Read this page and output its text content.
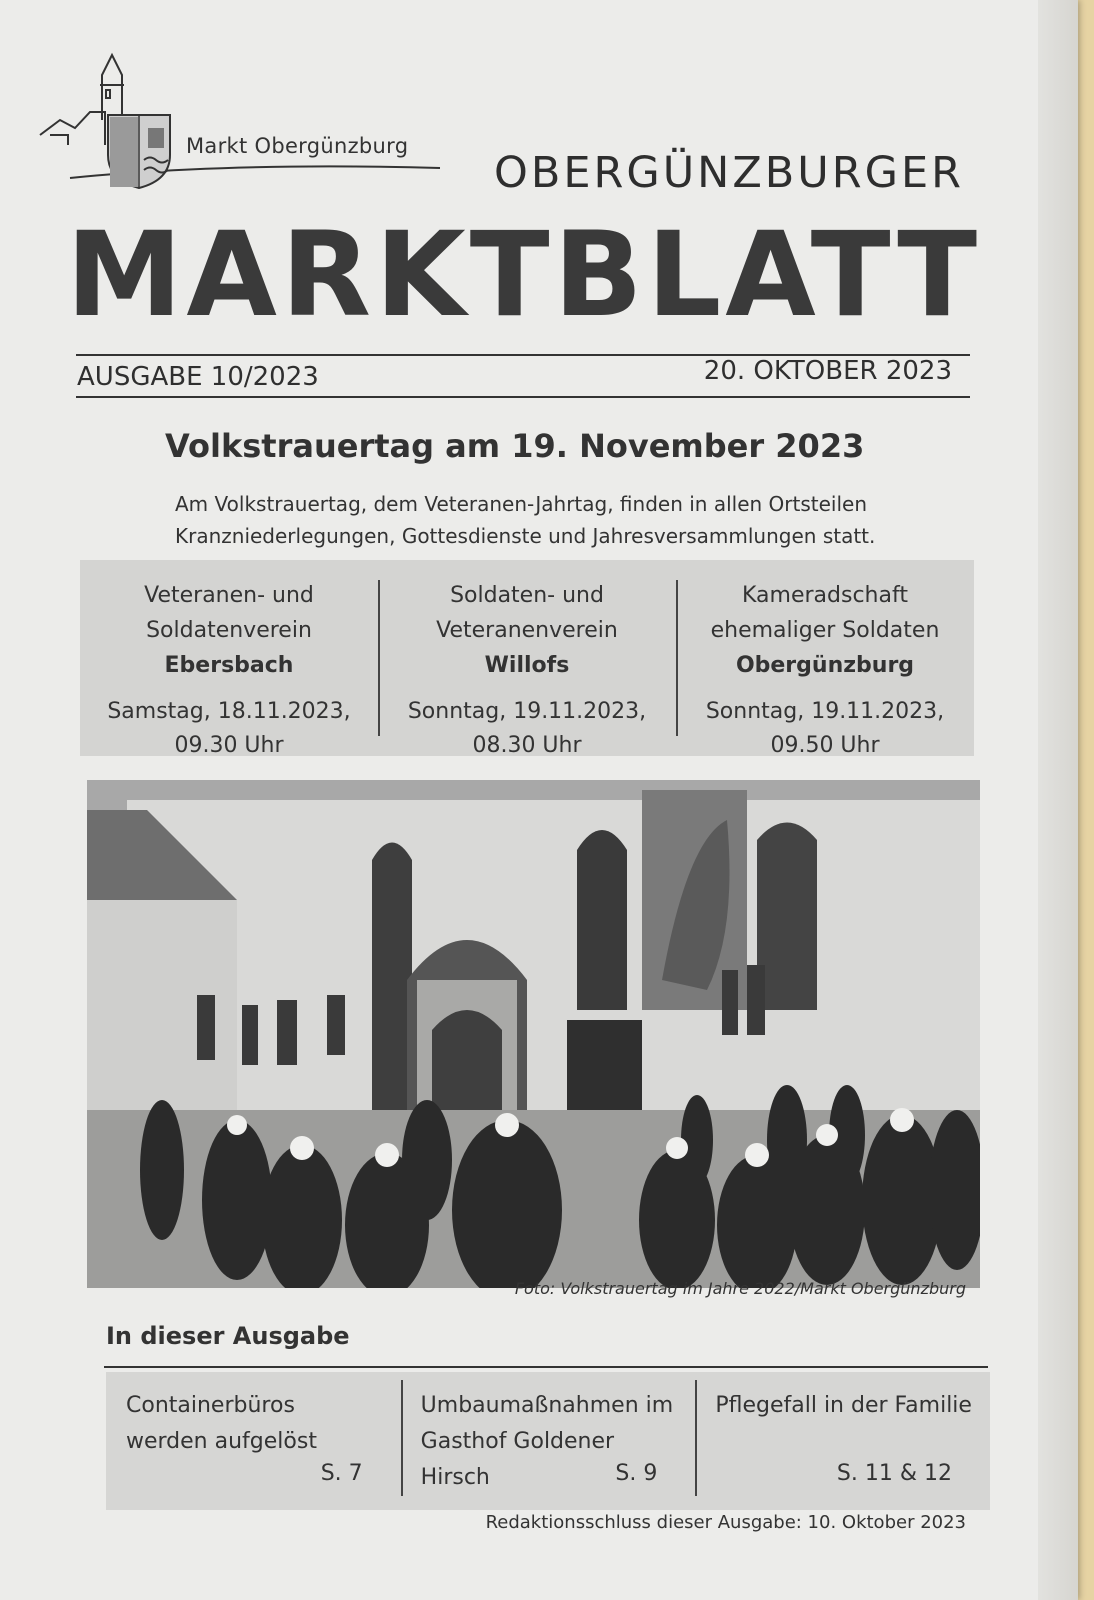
Markt Obergünzburg
OBERGÜNZBURGER
MARKTBLATT
AUSGABE 10/2023	20. OKTOBER 2023
Volkstrauertag am 19. November 2023

Am Volkstrauertag, dem Veteranen-Jahrtag, finden in allen Ortsteilen Kranzniederlegungen, Gottesdienste und Jahresversammlungen statt.

Veteranen- und
Soldatenverein
Ebersbach
Samstag, 18.11.2023,
09.30 Uhr
Soldaten- und
Veteranenverein
Willofs
Sonntag, 19.11.2023,
08.30 Uhr
Kameradschaft
ehemaliger Soldaten
Obergünzburg
Sonntag, 19.11.2023,
09.50 Uhr
Foto: Volkstrauertag im Jahre 2022/Markt Obergünzburg
In dieser Ausgabe
Containerbüros werden aufgelöst
S. 7
Umbaumaßnahmen im Gasthof Goldener Hirsch	S. 9
Pflegefall in der Familie
S. 11 & 12
Redaktionsschluss dieser Ausgabe: 10. Oktober 2023
